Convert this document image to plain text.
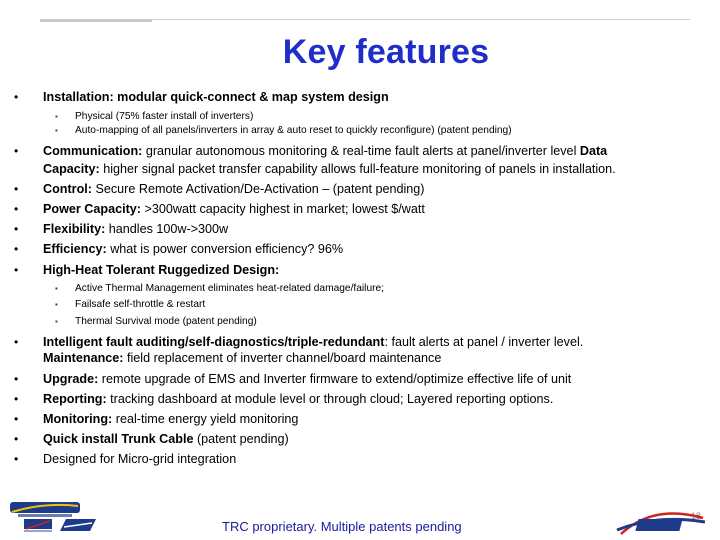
Key features
• Installation: modular quick-connect & map system design
▪ Physical (75% faster install of inverters)
▪ Auto-mapping of all panels/inverters in array & auto reset to quickly reconfigure) (patent pending)
• Communication: granular autonomous monitoring & real-time fault alerts at panel/inverter level Data
Capacity: higher signal packet transfer capability allows full-feature monitoring of panels in installation.
• Control: Secure Remote Activation/De-Activation – (patent pending)
• Power Capacity: >300watt capacity highest in market; lowest $/watt
• Flexibility: handles 100w->300w
• Efficiency: what is power conversion efficiency? 96%
• High-Heat Tolerant Ruggedized Design:
▪ Active Thermal Management eliminates heat-related damage/failure;
▪ Failsafe self-throttle & restart
▪ Thermal Survival mode (patent pending)
• Intelligent fault auditing/self-diagnostics/triple-redundant: fault alerts at panel / inverter level.
Maintenance: field replacement of inverter channel/board maintenance
• Upgrade: remote upgrade of EMS and Inverter firmware to extend/optimize effective life of unit
• Reporting: tracking dashboard at module level or through cloud; Layered reporting options.
• Monitoring: real-time energy yield monitoring
• Quick install Trunk Cable (patent pending)
• Designed for Micro-grid integration
TRC proprietary. Multiple patents pending
18
